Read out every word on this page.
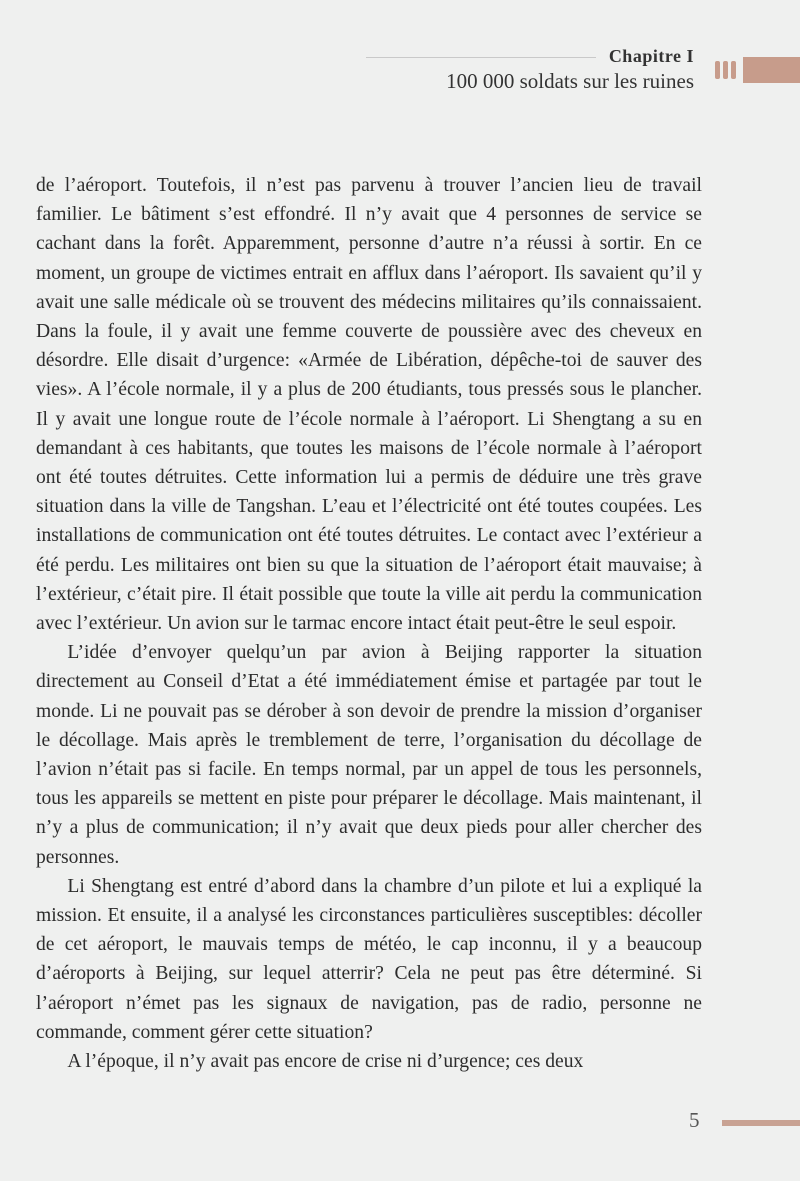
Chapitre I
100 000 soldats sur les ruines

de l’aéroport. Toutefois, il n’est pas parvenu à trouver l’ancien lieu de travail familier. Le bâtiment s’est effondré. Il n’y avait que 4 personnes de service se cachant dans la forêt. Apparemment, personne d’autre n’a réussi à sortir. En ce moment, un groupe de victimes entrait en afflux dans l’aéroport. Ils savaient qu’il y avait une salle médicale où se trouvent des médecins militaires qu’ils connaissaient. Dans la foule, il y avait une femme couverte de poussière avec des cheveux en désordre. Elle disait d’urgence: «Armée de Libération, dépêche-toi de sauver des vies». A l’école normale, il y a plus de 200 étudiants, tous pressés sous le plancher. Il y avait une longue route de l’école normale à l’aéroport. Li Shengtang a su en demandant à ces habitants, que toutes les maisons de l’école normale à l’aéroport ont été toutes détruites. Cette information lui a permis de déduire une très grave situation dans la ville de Tangshan. L’eau et l’électricité ont été toutes coupées. Les installations de communication ont été toutes détruites. Le contact avec l’extérieur a été perdu. Les militaires ont bien su que la situation de l’aéroport était mauvaise; à l’extérieur, c’était pire. Il était possible que toute la ville ait perdu la communication avec l’extérieur. Un avion sur le tarmac encore intact était peut-être le seul espoir.

L’idée d’envoyer quelqu’un par avion à Beijing rapporter la situation directement au Conseil d’Etat a été immédiatement émise et partagée par tout le monde. Li ne pouvait pas se dérober à son devoir de prendre la mission d’organiser le décollage. Mais après le tremblement de terre, l’organisation du décollage de l’avion n’était pas si facile. En temps normal, par un appel de tous les personnels, tous les appareils se mettent en piste pour préparer le décollage. Mais maintenant, il n’y a plus de communication; il n’y avait que deux pieds pour aller chercher des personnes.

Li Shengtang est entré d’abord dans la chambre d’un pilote et lui a expliqué la mission. Et ensuite, il a analysé les circonstances particulières susceptibles: décoller de cet aéroport, le mauvais temps de météo, le cap inconnu, il y a beaucoup d’aéroports à Beijing, sur lequel atterrir? Cela ne peut pas être déterminé. Si l’aéroport n’émet pas les signaux de navigation, pas de radio, personne ne commande, comment gérer cette situation?

A l’époque, il n’y avait pas encore de crise ni d’urgence; ces deux

5
